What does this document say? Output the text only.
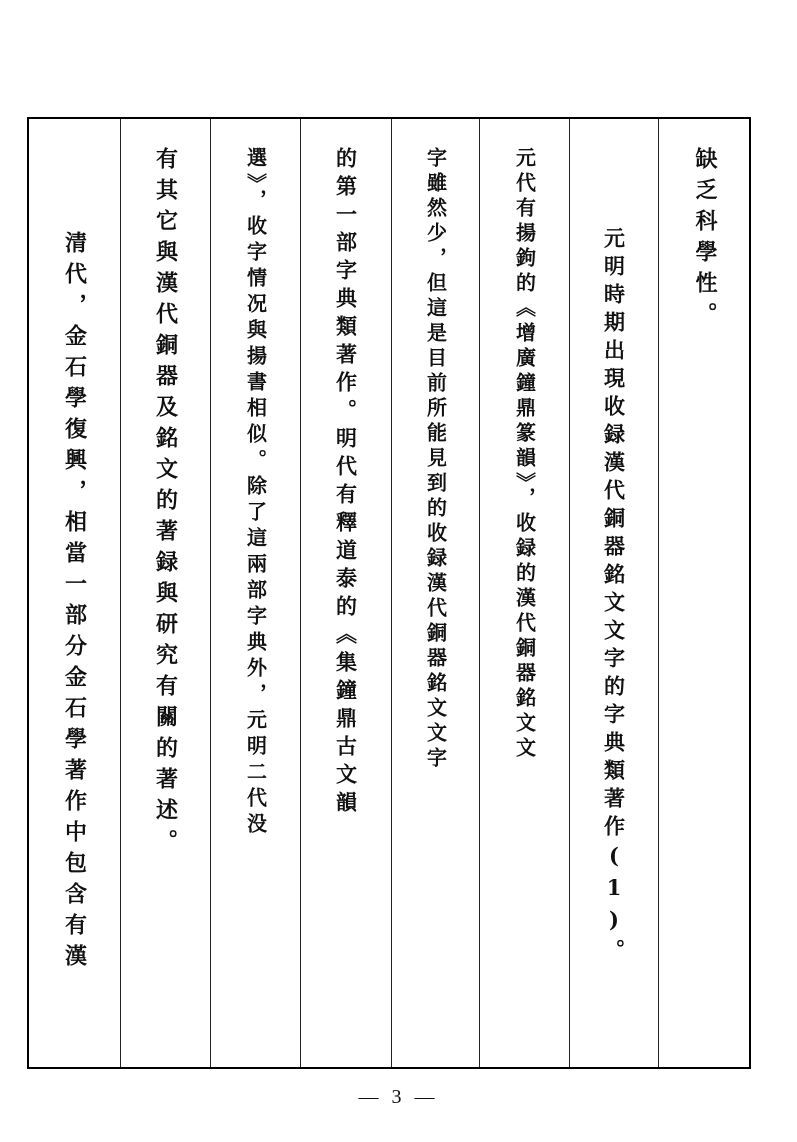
清代，金石學復興，相當一部分金石學著作中包含有漢	有其它與漢代銅器及銘文的著録與研究有關的著述。	選》，收字情况與揚書相似。除了這兩部字典外，元明二代没	的第一部字典類著作。明代有釋道泰的《集鐘鼎古文韻	字雖然少，但這是目前所能見到的收録漢代銅器銘文文字	元代有揚鉤的《增廣鐘鼎篆韻》，收録的漢代銅器銘文文	元明時期出現收録漢代銅器銘文文字的字典類著作(1)。	缺乏科學性。
— 3 —
